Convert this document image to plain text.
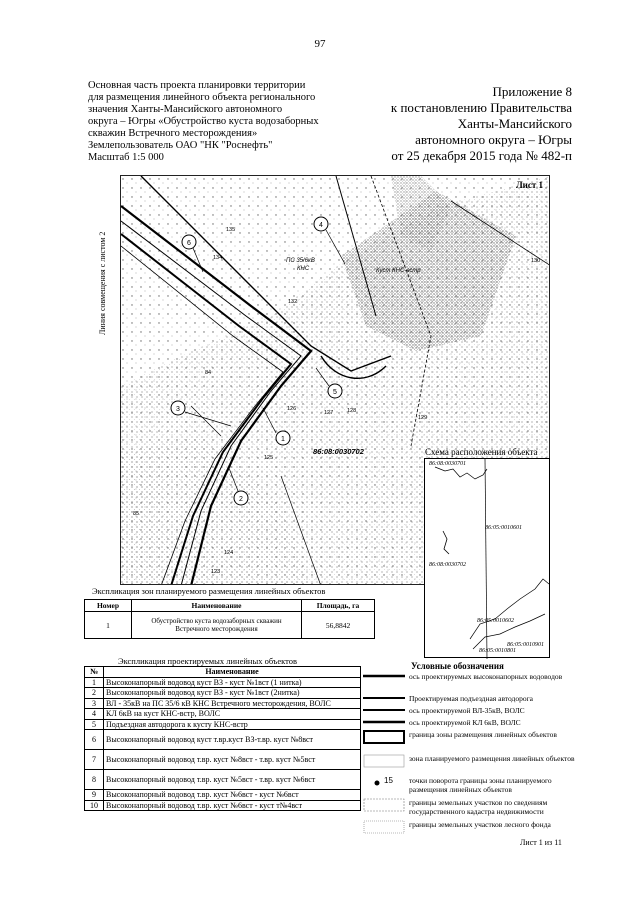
97
Основная часть проекта планировки территории
для размещения линейного объекта регионального
значения Ханты-Мансийского автономного
округа – Югры «Обустройство куста водозаборных
скважин Встречного месторождения»
Землепользователь ОАО "НК "Роснефть"
Масштаб 1:5 000
Приложение 8
к постановлению Правительства
Ханты-Мансийского
автономного округа – Югры
от 25 декабря 2015 года № 482-п
Линия совмещения с листом 2
1
2
3
4
5
6
135
134
132
130
84
126
127	128
129
125
85
124
123
ПС 35/6кВ
КНС	Куст КНС-встр
86:08:0030702
Лист 1
Схема расположения объекта
86:08:0030701
86:05:0010601
86:08:0030702
86:05:0010602
86:05:0010901
86:05:0010801
Экспликация зон планируемого размещения линейных объектов
Номер	Наименование	Площадь, га
1	Обустройство куста водозаборных скважин Встречного месторождения	56,8842
Экспликация проектируемых линейных объектов
№	Наименование
1	Высоконапорный водовод куст ВЗ - куст №1вст (1 нитка)
2	Высоконапорный водовод куст ВЗ - куст №1вст (2нитка)
3	ВЛ - 35кВ на ПС 35/6 кВ КНС Встречного месторождения, ВОЛС
4	КЛ 6кВ на куст КНС-встр, ВОЛС
5	Подъездная автодорога к кусту КНС-встр
6	Высоконапорный водовод куст т.вр.куст ВЗ-т.вр. куст №8вст
7	Высоконапорный водовод т.вр. куст №8вст - т.вр. куст №5вст
8	Высоконапорный водовод т.вр. куст №5вст - т.вр. куст №6вст
9	Высоконапорный водовод т.вр. куст №6вст - куст №6вст
10	Высоконапорный водовод т.вр. куст №6вст - куст т№4вст
Условные обозначения
ось проектируемых высоконапорных водоводов
Проектируемая подъездная автодорога
ось проектируемой ВЛ-35кВ, ВОЛС
ось проектируемой КЛ 6кВ, ВОЛС
граница зоны размещения линейных объектов
зона планируемого размещения линейных объектов
15 точки поворота границы зоны планируемого размещения линейных объектов
границы земельных участков по сведениям государственного кадастра недвижимости
границы земельных участков лесного фонда
Лист 1 из 11
